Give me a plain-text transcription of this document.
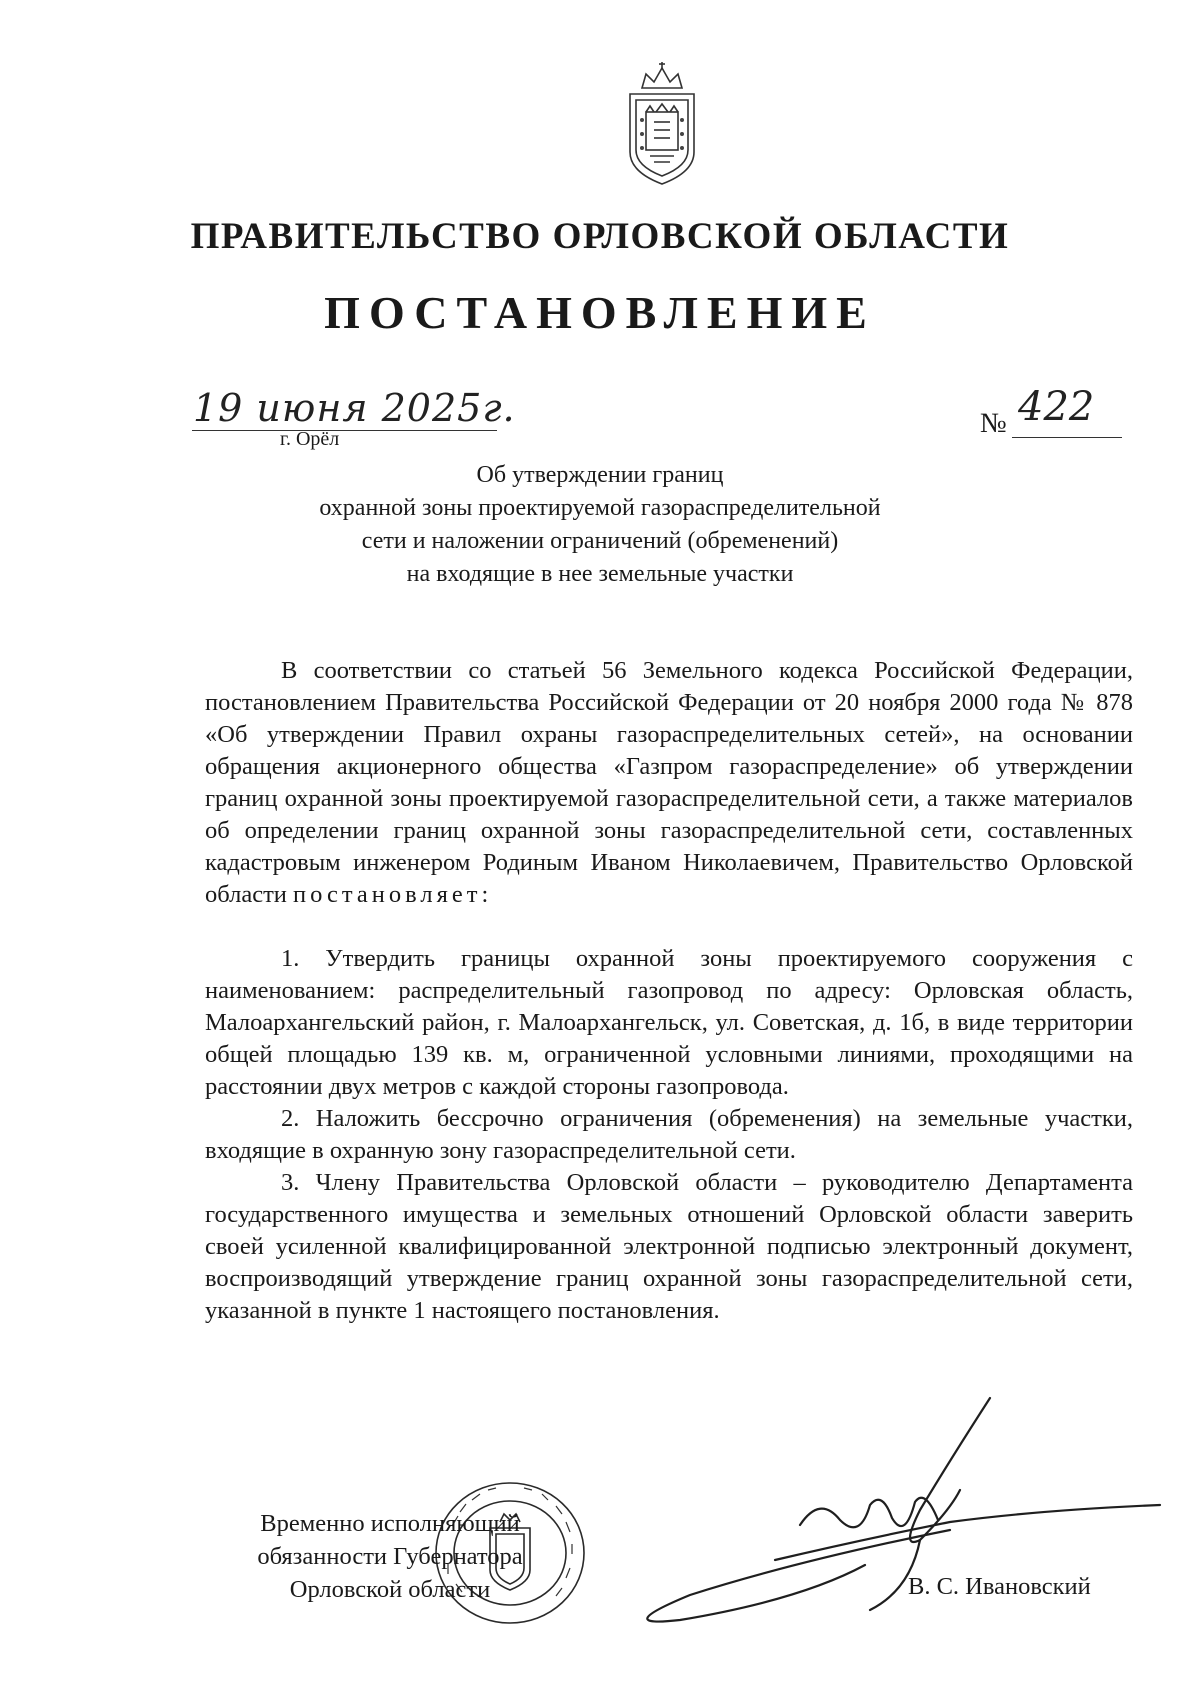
ПРАВИТЕЛЬСТВО ОРЛОВСКОЙ ОБЛАСТИ
ПОСТАНОВЛЕНИЕ
19 июня 2025г.
г. Орёл	№ 422
Об утверждении границ
охранной зоны проектируемой газораспределительной
сети и наложении ограничений (обременений)
на входящие в нее земельные участки
В соответствии со статьей 56 Земельного кодекса Российской Федерации, постановлением Правительства Российской Федерации от 20 ноября 2000 года № 878 «Об утверждении Правил охраны газораспределительных сетей», на основании обращения акционерного общества «Газпром газораспределение» об утверждении границ охранной зоны проектируемой газораспределительной сети, а также материалов об определении границ охранной зоны газораспределительной сети, составленных кадастровым инженером Родиным Иваном Николаевичем, Правительство Орловской области постановляет:
1. Утвердить границы охранной зоны проектируемого сооружения с наименованием: распределительный газопровод по адресу: Орловская область, Малоархангельский район, г. Малоархангельск, ул. Советская, д. 1б, в виде территории общей площадью 139 кв. м, ограниченной условными линиями, проходящими на расстоянии двух метров с каждой стороны газопровода.
2. Наложить бессрочно ограничения (обременения) на земельные участки, входящие в охранную зону газораспределительной сети.
3. Члену Правительства Орловской области – руководителю Департамента государственного имущества и земельных отношений Орловской области заверить своей усиленной квалифицированной электронной подписью электронный документ, воспроизводящий утверждение границ охранной зоны газораспределительной сети, указанной в пункте 1 настоящего постановления.
Временно исполняющий
обязанности Губернатора
Орловской области	В. С. Ивановский
